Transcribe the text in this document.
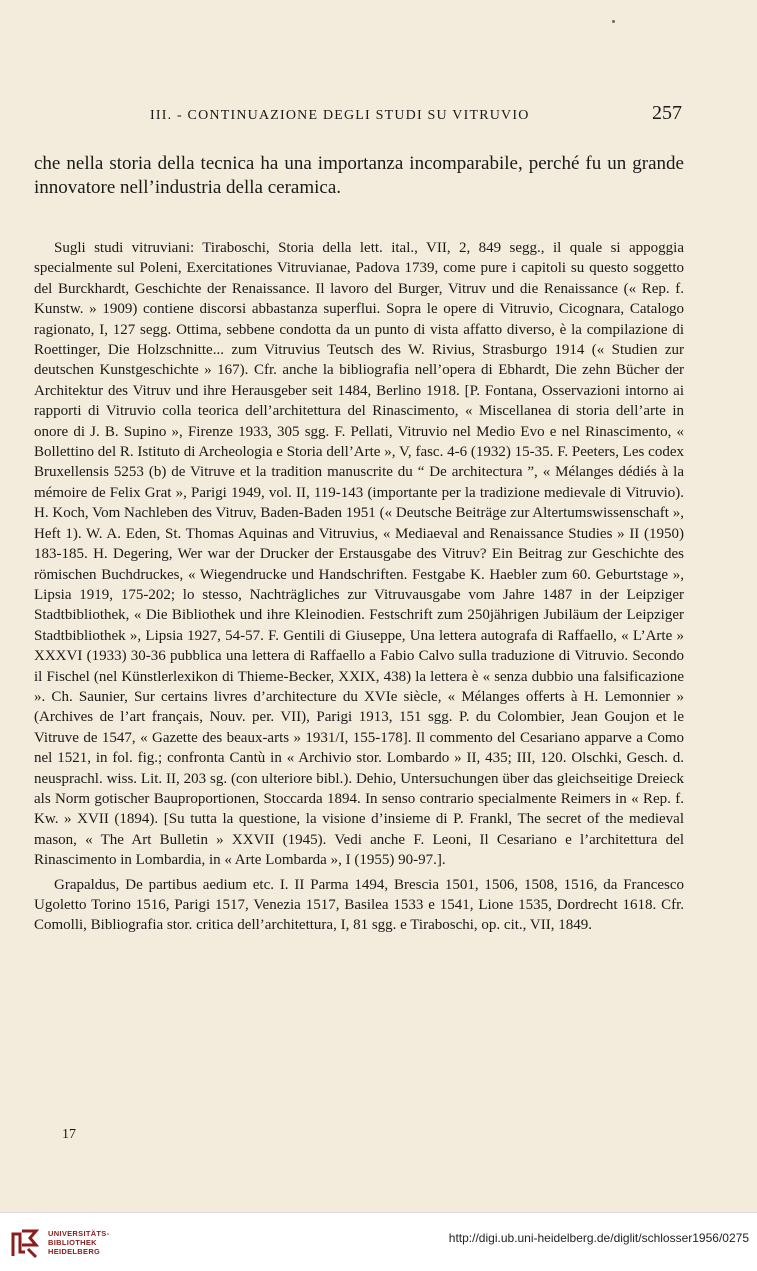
III. - CONTINUAZIONE DEGLI STUDI SU VITRUVIO	257

che nella storia della tecnica ha una importanza incomparabile, perché fu un grande innovatore nell’industria della ceramica.

Sugli studi vitruviani: Tiraboschi, Storia della lett. ital., VII, 2, 849 segg., il quale si appoggia specialmente sul Poleni, Exercitationes Vitruvianae, Padova 1739, come pure i capitoli su questo soggetto del Burckhardt, Geschichte der Renaissance. Il lavoro del Burger, Vitruv und die Renaissance (« Rep. f. Kunstw. » 1909) contiene discorsi abbastanza superflui. Sopra le opere di Vitruvio, Cicognara, Catalogo ragionato, I, 127 segg. Ottima, sebbene condotta da un punto di vista affatto diverso, è la compilazione di Roettinger, Die Holzschnitte... zum Vitruvius Teutsch des W. Rivius, Strasburgo 1914 (« Studien zur deutschen Kunstgeschichte » 167). Cfr. anche la bibliografia nell’opera di Ebhardt, Die zehn Bücher der Architektur des Vitruv und ihre Herausgeber seit 1484, Berlino 1918. [P. Fontana, Osservazioni intorno ai rapporti di Vitruvio colla teorica dell’architettura del Rinascimento, « Miscellanea di storia dell’arte in onore di J. B. Supino », Firenze 1933, 305 sgg. F. Pellati, Vitruvio nel Medio Evo e nel Rinascimento, « Bollettino del R. Istituto di Archeologia e Storia dell’Arte », V, fasc. 4-6 (1932) 15-35. F. Peeters, Les codex Bruxellensis 5253 (b) de Vitruve et la tradition manuscrite du “ De architectura ”, « Mélanges dédiés à la mémoire de Felix Grat », Parigi 1949, vol. II, 119-143 (importante per la tradizione medievale di Vitruvio). H. Koch, Vom Nachleben des Vitruv, Baden-Baden 1951 (« Deutsche Beiträge zur Altertumswissenschaft », Heft 1). W. A. Eden, St. Thomas Aquinas and Vitruvius, « Mediaeval and Renaissance Studies » II (1950) 183-185. H. Degering, Wer war der Drucker der Erstausgabe des Vitruv? Ein Beitrag zur Geschichte des römischen Buchdruckes, « Wiegendrucke und Handschriften. Festgabe K. Haebler zum 60. Geburtstage », Lipsia 1919, 175-202; lo stesso, Nachträgliches zur Vitruvausgabe vom Jahre 1487 in der Leipziger Stadtbibliothek, « Die Bibliothek und ihre Kleinodien. Festschrift zum 250jährigen Jubiläum der Leipziger Stadtbibliothek », Lipsia 1927, 54-57. F. Gentili di Giuseppe, Una lettera autografa di Raffaello, « L’Arte » XXXVI (1933) 30-36 pubblica una lettera di Raffaello a Fabio Calvo sulla traduzione di Vitruvio. Secondo il Fischel (nel Künstlerlexikon di Thieme-Becker, XXIX, 438) la lettera è « senza dubbio una falsificazione ». Ch. Saunier, Sur certains livres d’architecture du XVIe siècle, « Mélanges offerts à H. Lemonnier » (Archives de l’art français, Nouv. per. VII), Parigi 1913, 151 sgg. P. du Colombier, Jean Goujon et le Vitruve de 1547, « Gazette des beaux-arts » 1931/I, 155-178]. Il commento del Cesariano apparve a Como nel 1521, in fol. fig.; confronta Cantù in « Archivio stor. Lombardo » II, 435; III, 120. Olschki, Gesch. d. neusprachl. wiss. Lit. II, 203 sg. (con ulteriore bibl.). Dehio, Untersuchungen über das gleichseitige Dreieck als Norm gotischer Bauproportionen, Stoccarda 1894. In senso contrario specialmente Reimers in « Rep. f. Kw. » XVII (1894). [Su tutta la questione, la visione d’insieme di P. Frankl, The secret of the medieval mason, « The Art Bulletin » XXVII (1945). Vedi anche F. Leoni, Il Cesariano e l’architettura del Rinascimento in Lombardia, in « Arte Lombarda », I (1955) 90-97.].

Grapaldus, De partibus aedium etc. I. II Parma 1494, Brescia 1501, 1506, 1508, 1516, da Francesco Ugoletto Torino 1516, Parigi 1517, Venezia 1517, Basilea 1533 e 1541, Lione 1535, Dordrecht 1618. Cfr. Comolli, Bibliografia stor. critica dell’architettura, I, 81 sgg. e Tiraboschi, op. cit., VII, 1849.

17
UNIVERSITÄTS-
BIBLIOTHEK
HEIDELBERG
http://digi.ub.uni-heidelberg.de/diglit/schlosser1956/0275
